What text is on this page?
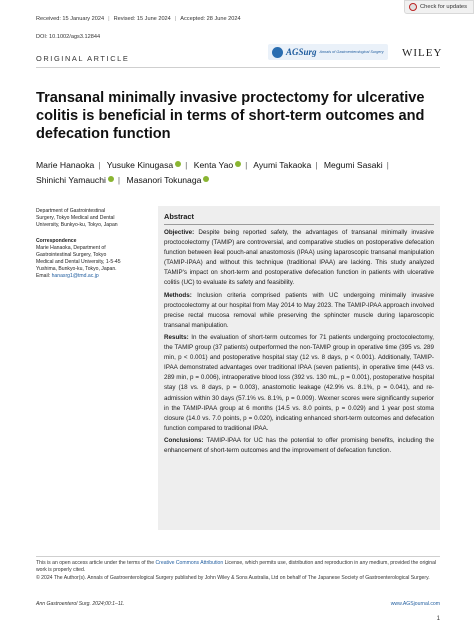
Check for updates
Received: 15 January 2024 | Revised: 15 June 2024 | Accepted: 28 June 2024
DOI: 10.1002/ags3.12844
AGSurg Annals of Gastroenterological Surgery WILEY
ORIGINAL ARTICLE
Transanal minimally invasive proctectomy for ulcerative colitis is beneficial in terms of short-term outcomes and defecation function
Marie Hanaoka | Yusuke Kinugasa | Kenta Yao | Ayumi Takaoka | Megumi Sasaki |
Shinichi Yamauchi | Masanori Tokunaga
Department of Gastrointestinal Surgery, Tokyo Medical and Dental University, Bunkyo-ku, Tokyo, Japan
Correspondence
Marie Hanaoka, Department of Gastrointestinal Surgery, Tokyo Medical and Dental University, 1-5-45 Yushima, Bunkyo-ku, Tokyo, Japan.
Email: hanasrg1@tmd.ac.jp
Abstract

Objective: Despite being reported safety, the advantages of transanal minimally invasive proctocolectomy (TAMIP) are controversial, and comparative studies on postoperative defecation function between ileal pouch-anal anastomosis (IPAA) using laparoscopic transanal manipulation (TAMIP-IPAA) and without this technique (traditional IPAA) are lacking. This study analyzed TAMIP's impact on short-term and postoperative defecation function in patients with ulcerative colitis (UC) to evaluate its safety and feasibility.

Methods: Inclusion criteria comprised patients with UC undergoing minimally invasive proctocolectomy at our hospital from May 2014 to May 2023. The TAMIP-IPAA approach involved precise rectal mucosa removal while preserving the sphincter muscle during laparoscopic transanal manipulation.

Results: In the evaluation of short-term outcomes for 71 patients undergoing proctocolectomy, the TAMIP group (37 patients) outperformed the non-TAMIP group in operative time (395 vs. 289 min, p < 0.001) and postoperative hospital stay (12 vs. 8 days, p < 0.001). Additionally, TAMIP-IPAA demonstrated advantages over traditional IPAA (seven patients), in operative time (443 vs. 289 min, p = 0.006), intraoperative blood loss (392 vs. 130 mL, p = 0.001), postoperative hospital stay (18 vs. 8 days, p = 0.003), anastomotic leakage (42.9% vs. 8.1%, p = 0.041), and re-admission within 30 days (57.1% vs. 8.1%, p = 0.009). Wexner scores were significantly superior in the TAMIP-IPAA group at 6 months (14.5 vs. 8.0 points, p = 0.029) and 1 year post stoma closure (14.0 vs. 7.0 points, p = 0.020), indicating enhanced short-term outcomes and defecation function compared to traditional IPAA.

Conclusions: TAMIP-IPAA for UC has the potential to offer promising benefits, including the enhancement of short-term outcomes and the improvement of defecation function.

This is an open access article under the terms of the Creative Commons Attribution License, which permits use, distribution and reproduction in any medium, provided the original work is properly cited.

© 2024 The Author(s). Annals of Gastroenterological Surgery published by John Wiley & Sons Australia, Ltd on behalf of The Japanese Society of Gastroenterological Surgery.

Ann Gastroenterol Surg. 2024;00:1–11.	www.AGSjournal.com
1
